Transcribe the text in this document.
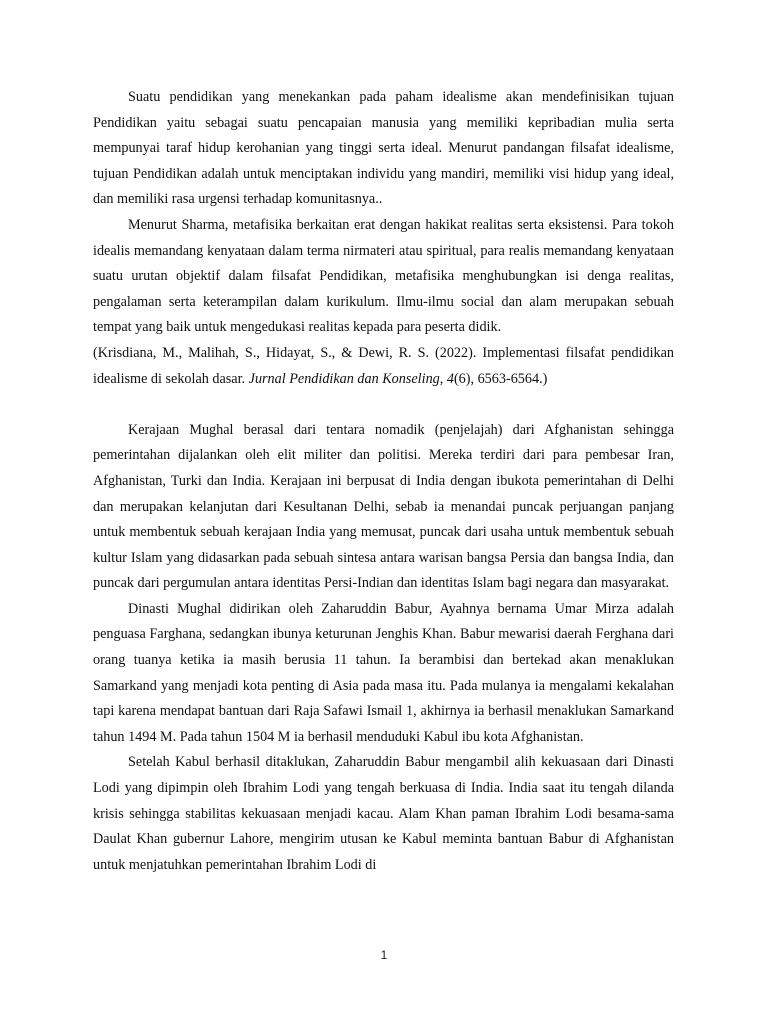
Suatu pendidikan yang menekankan pada paham idealisme akan mendefinisikan tujuan Pendidikan yaitu sebagai suatu pencapaian manusia yang memiliki kepribadian mulia serta mempunyai taraf hidup kerohanian yang tinggi serta ideal. Menurut pandangan filsafat idealisme, tujuan Pendidikan adalah untuk menciptakan individu yang mandiri, memiliki visi hidup yang ideal, dan memiliki rasa urgensi terhadap komunitasnya..

Menurut Sharma, metafisika berkaitan erat dengan hakikat realitas serta eksistensi. Para tokoh idealis memandang kenyataan dalam terma nirmateri atau spiritual, para realis memandang kenyataan suatu urutan objektif dalam filsafat Pendidikan, metafisika menghubungkan isi denga realitas, pengalaman serta keterampilan dalam kurikulum. Ilmu-ilmu social dan alam merupakan sebuah tempat yang baik untuk mengedukasi realitas kepada para peserta didik.

(Krisdiana, M., Malihah, S., Hidayat, S., & Dewi, R. S. (2022). Implementasi filsafat pendidikan idealisme di sekolah dasar. Jurnal Pendidikan dan Konseling, 4(6), 6563-6564.)

Kerajaan Mughal berasal dari tentara nomadik (penjelajah) dari Afghanistan sehingga pemerintahan dijalankan oleh elit militer dan politisi. Mereka terdiri dari para pembesar Iran, Afghanistan, Turki dan India. Kerajaan ini berpusat di India dengan ibukota pemerintahan di Delhi dan merupakan kelanjutan dari Kesultanan Delhi, sebab ia menandai puncak perjuangan panjang untuk membentuk sebuah kerajaan India yang memusat, puncak dari usaha untuk membentuk sebuah kultur Islam yang didasarkan pada sebuah sintesa antara warisan bangsa Persia dan bangsa India, dan puncak dari pergumulan antara identitas Persi-Indian dan identitas Islam bagi negara dan masyarakat.

Dinasti Mughal didirikan oleh Zaharuddin Babur, Ayahnya bernama Umar Mirza adalah penguasa Farghana, sedangkan ibunya keturunan Jenghis Khan. Babur mewarisi daerah Ferghana dari orang tuanya ketika ia masih berusia 11 tahun. Ia berambisi dan bertekad akan menaklukan Samarkand yang menjadi kota penting di Asia pada masa itu. Pada mulanya ia mengalami kekalahan tapi karena mendapat bantuan dari Raja Safawi Ismail 1, akhirnya ia berhasil menaklukan Samarkand tahun 1494 M. Pada tahun 1504 M ia berhasil menduduki Kabul ibu kota Afghanistan.

Setelah Kabul berhasil ditaklukan, Zaharuddin Babur mengambil alih kekuasaan dari Dinasti Lodi yang dipimpin oleh Ibrahim Lodi yang tengah berkuasa di India. India saat itu tengah dilanda krisis sehingga stabilitas kekuasaan menjadi kacau. Alam Khan paman Ibrahim Lodi besama-sama Daulat Khan gubernur Lahore, mengirim utusan ke Kabul meminta bantuan Babur di Afghanistan untuk menjatuhkan pemerintahan Ibrahim Lodi di

1
